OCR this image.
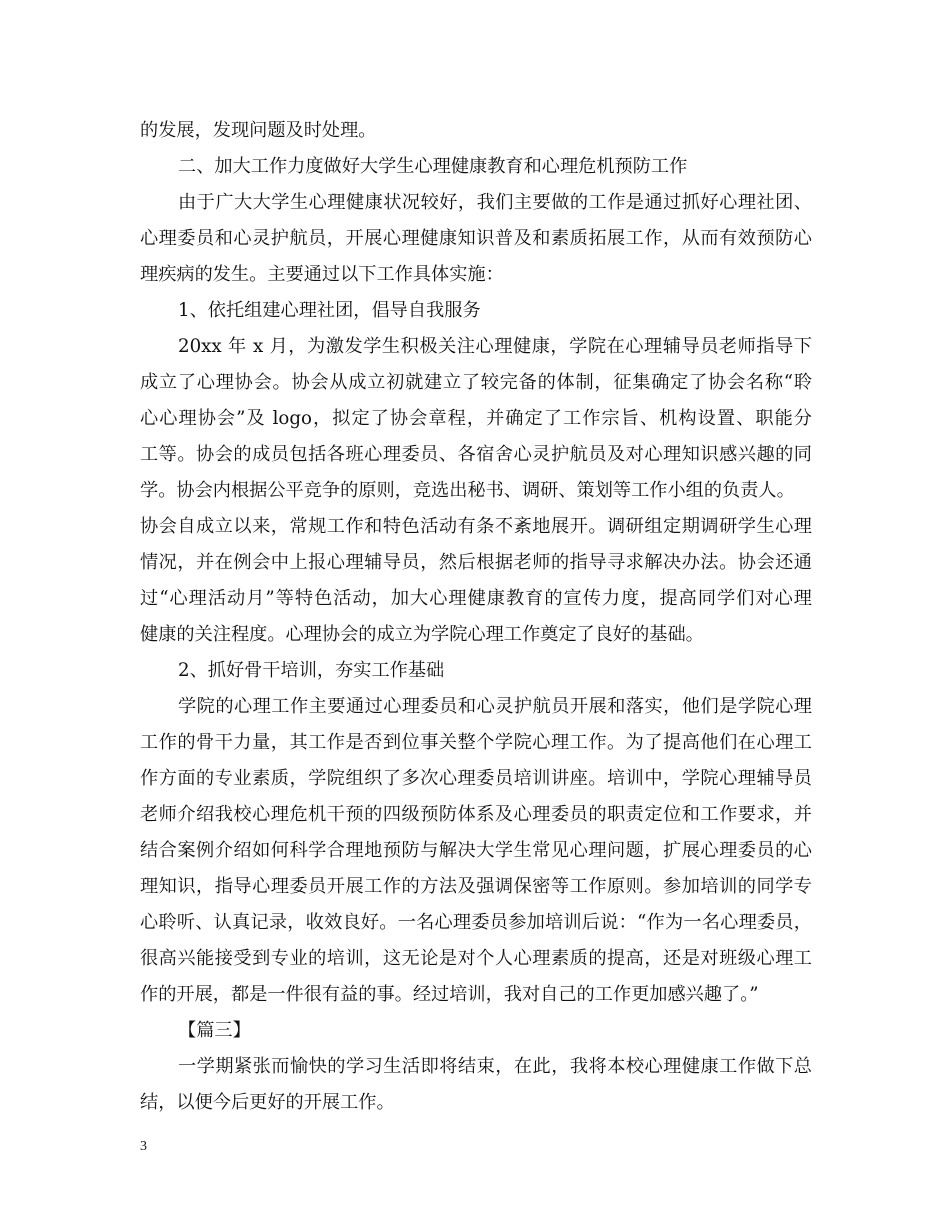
的发展，发现问题及时处理。
二、加大工作力度做好大学生心理健康教育和心理危机预防工作
由于广大大学生心理健康状况较好，我们主要做的工作是通过抓好心理社团、
心理委员和心灵护航员，开展心理健康知识普及和素质拓展工作，从而有效预防心
理疾病的发生。主要通过以下工作具体实施：
1、依托组建心理社团，倡导自我服务
20xx 年 x 月，为激发学生积极关注心理健康，学院在心理辅导员老师指导下
成立了心理协会。协会从成立初就建立了较完备的体制，征集确定了协会名称“聆
心心理协会”及 logo，拟定了协会章程，并确定了工作宗旨、机构设置、职能分
工等。协会的成员包括各班心理委员、各宿舍心灵护航员及对心理知识感兴趣的同
学。协会内根据公平竞争的原则，竞选出秘书、调研、策划等工作小组的负责人。
协会自成立以来，常规工作和特色活动有条不紊地展开。调研组定期调研学生心理
情况，并在例会中上报心理辅导员，然后根据老师的指导寻求解决办法。协会还通
过“心理活动月”等特色活动，加大心理健康教育的宣传力度，提高同学们对心理
健康的关注程度。心理协会的成立为学院心理工作奠定了良好的基础。
2、抓好骨干培训，夯实工作基础
学院的心理工作主要通过心理委员和心灵护航员开展和落实，他们是学院心理
工作的骨干力量，其工作是否到位事关整个学院心理工作。为了提高他们在心理工
作方面的专业素质，学院组织了多次心理委员培训讲座。培训中，学院心理辅导员
老师介绍我校心理危机干预的四级预防体系及心理委员的职责定位和工作要求，并
结合案例介绍如何科学合理地预防与解决大学生常见心理问题，扩展心理委员的心
理知识，指导心理委员开展工作的方法及强调保密等工作原则。参加培训的同学专
心聆听、认真记录，收效良好。一名心理委员参加培训后说：“作为一名心理委员，
很高兴能接受到专业的培训，这无论是对个人心理素质的提高，还是对班级心理工
作的开展，都是一件很有益的事。经过培训，我对自己的工作更加感兴趣了。”
【篇三】
一学期紧张而愉快的学习生活即将结束，在此，我将本校心理健康工作做下总
结，以便今后更好的开展工作。
3
